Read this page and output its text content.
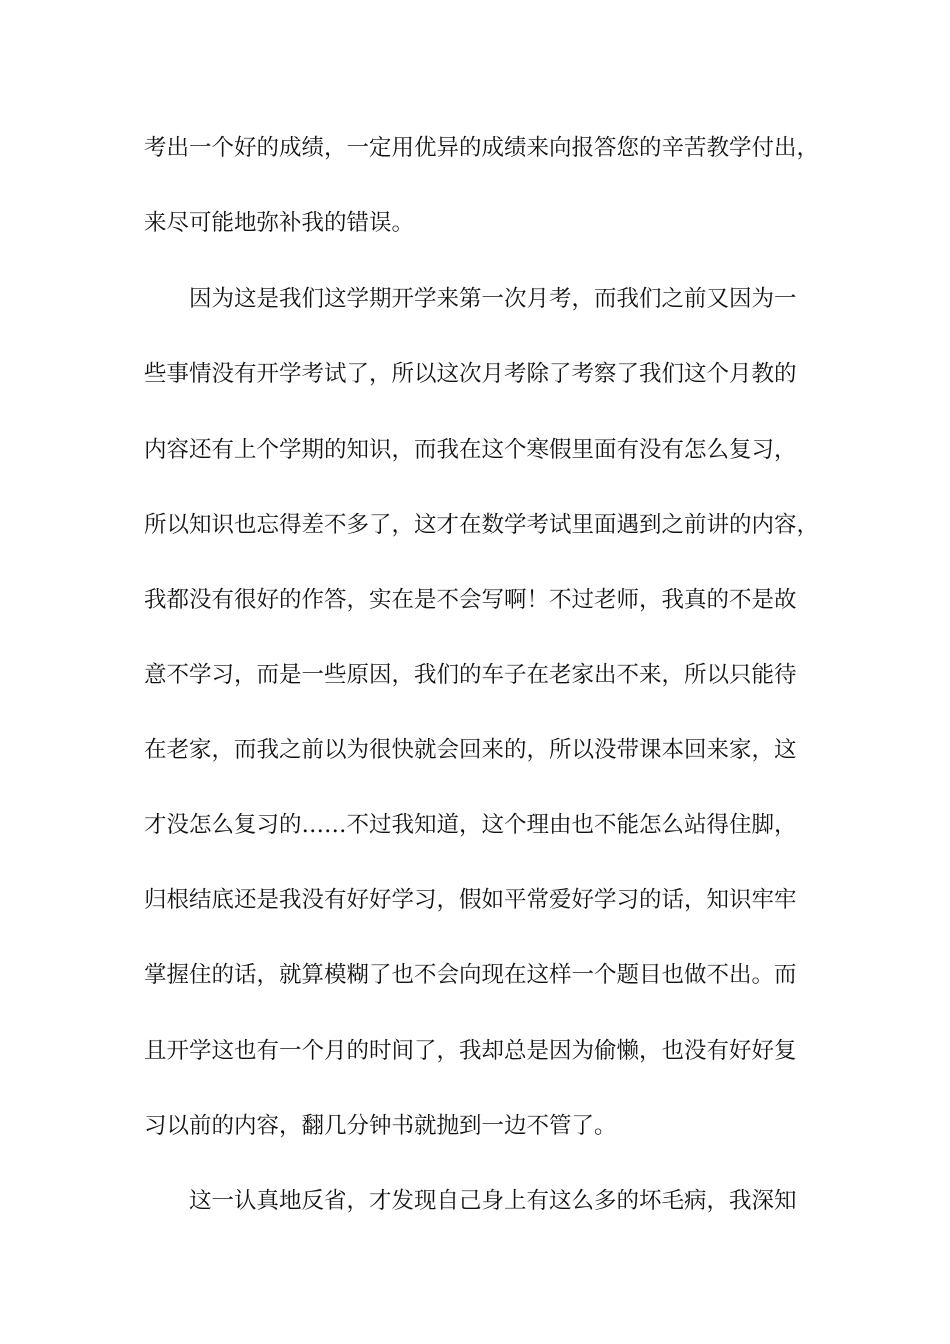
考出一个好的成绩，一定用优异的成绩来向报答您的辛苦教学付出，
来尽可能地弥补我的错误。
因为这是我们这学期开学来第一次月考，而我们之前又因为一
些事情没有开学考试了，所以这次月考除了考察了我们这个月教的
内容还有上个学期的知识，而我在这个寒假里面有没有怎么复习，
所以知识也忘得差不多了，这才在数学考试里面遇到之前讲的内容，
我都没有很好的作答，实在是不会写啊！不过老师，我真的不是故
意不学习，而是一些原因，我们的车子在老家出不来，所以只能待
在老家，而我之前以为很快就会回来的，所以没带课本回来家，这
才没怎么复习的……不过我知道，这个理由也不能怎么站得住脚，
归根结底还是我没有好好学习，假如平常爱好学习的话，知识牢牢
掌握住的话，就算模糊了也不会向现在这样一个题目也做不出。而
且开学这也有一个月的时间了，我却总是因为偷懒，也没有好好复
习以前的内容，翻几分钟书就抛到一边不管了。
这一认真地反省，才发现自己身上有这么多的坏毛病，我深知
